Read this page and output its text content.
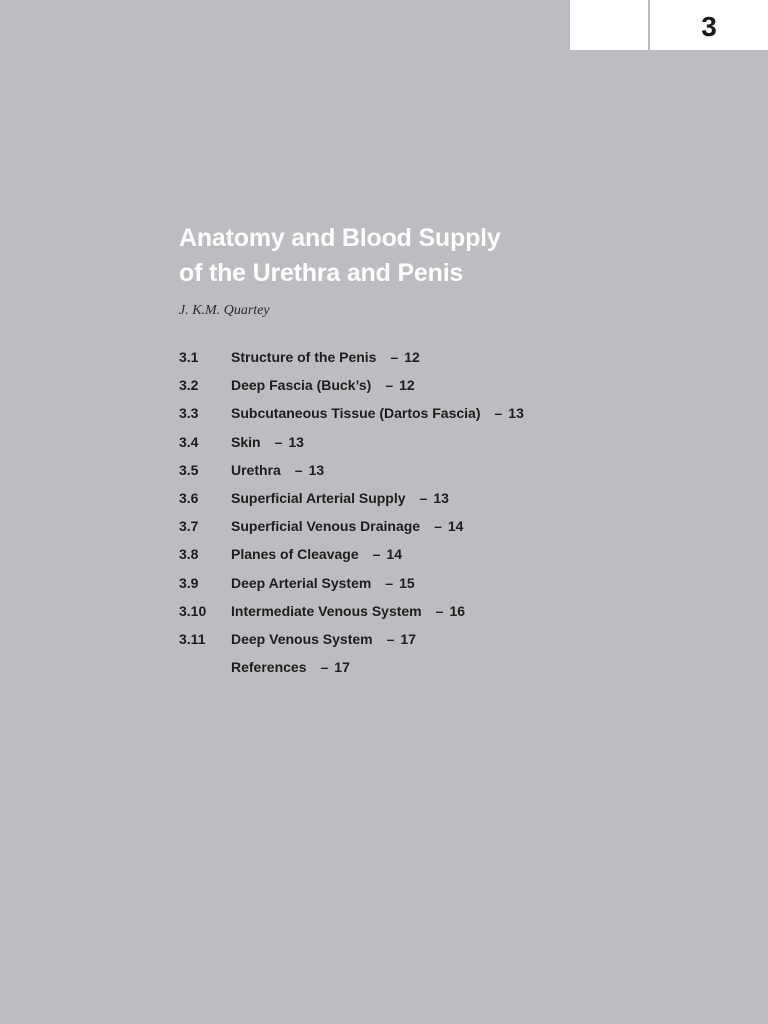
3
Anatomy and Blood Supply
of the Urethra and Penis
J. K.M. Quartey
3.1	Structure of the Penis – 12
3.2	Deep Fascia (Buck’s) – 12
3.3	Subcutaneous Tissue (Dartos Fascia) – 13
3.4	Skin – 13
3.5	Urethra – 13
3.6	Superficial Arterial Supply – 13
3.7	Superficial Venous Drainage – 14
3.8	Planes of Cleavage – 14
3.9	Deep Arterial System – 15
3.10	Intermediate Venous System – 16
3.11	Deep Venous System – 17
References – 17
